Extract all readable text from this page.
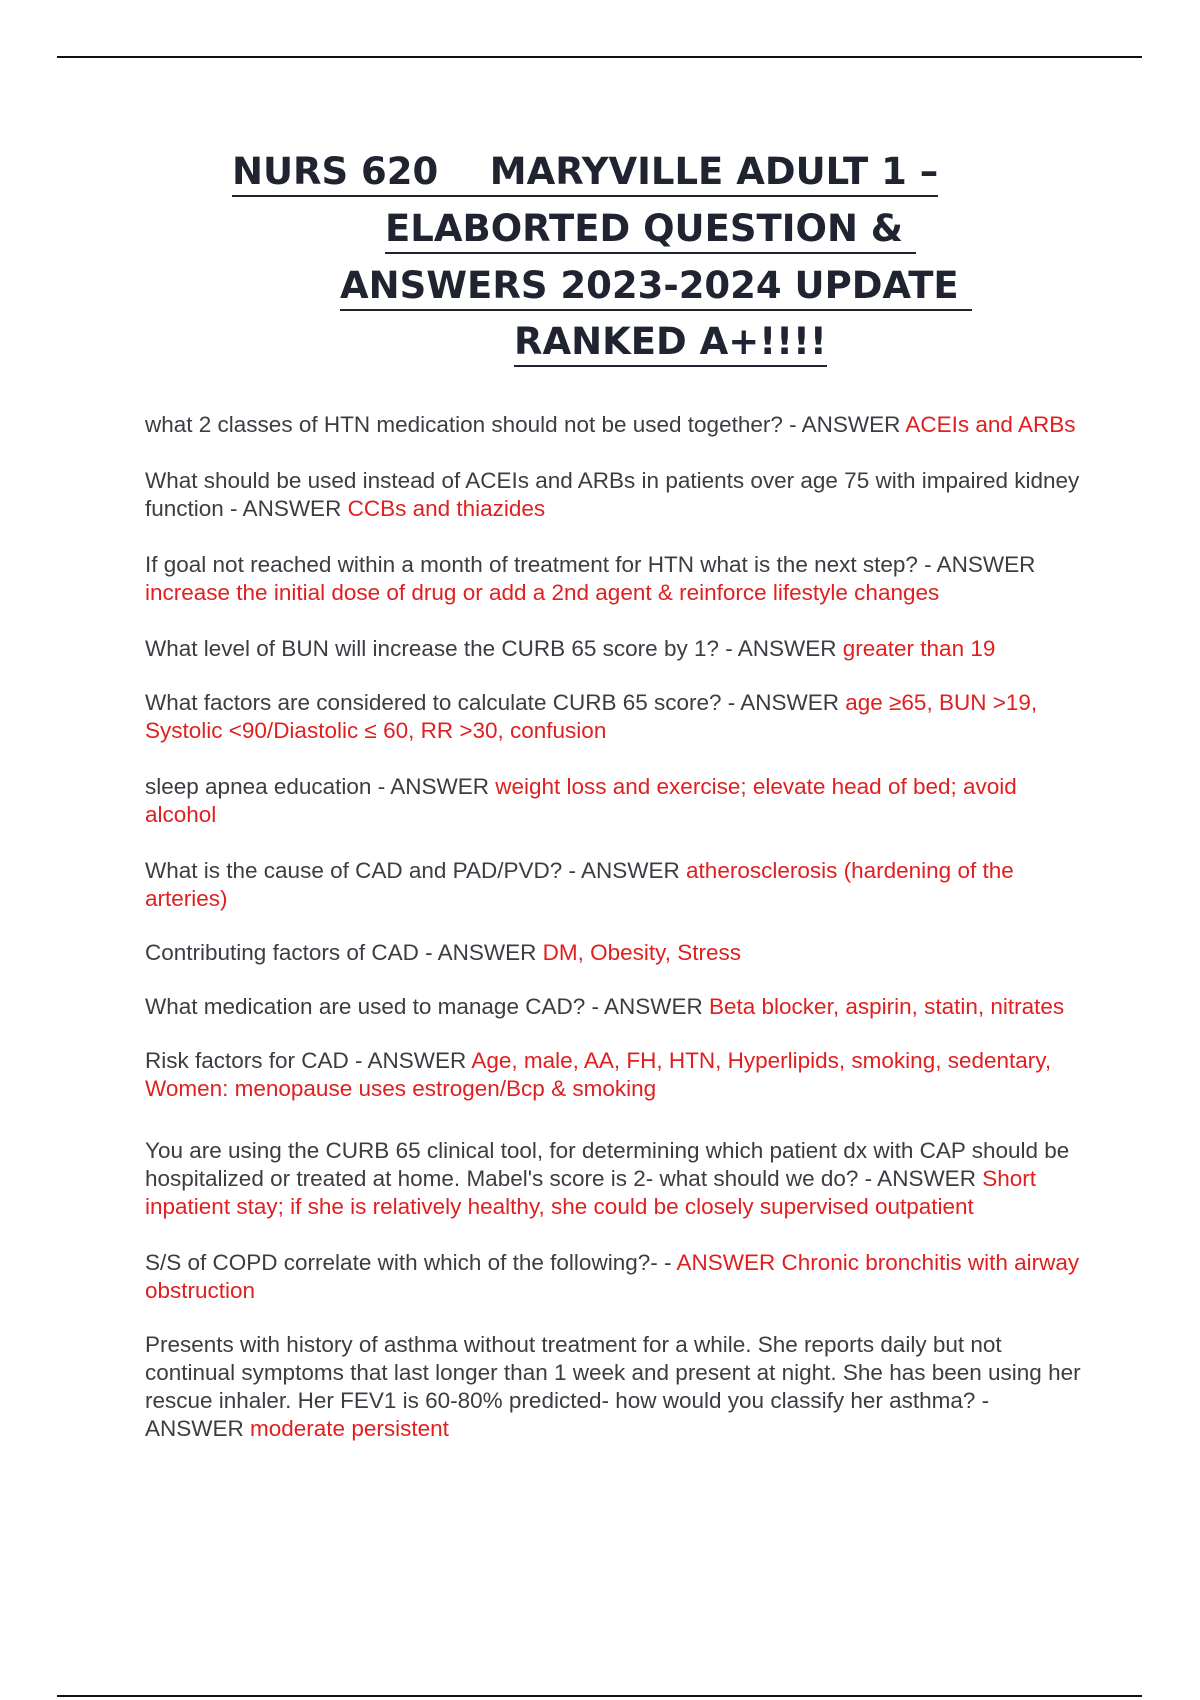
NURS 620    MARYVILLE ADULT 1 –
ELABORTED QUESTION &
ANSWERS 2023-2024 UPDATE
RANKED A+!!!!

what 2 classes of HTN medication should not be used together? - ANSWER ACEIs and ARBs

What should be used instead of ACEIs and ARBs in patients over age 75 with impaired kidney function - ANSWER CCBs and thiazides

If goal not reached within a month of treatment for HTN what is the next step? - ANSWER increase the initial dose of drug or add a 2nd agent & reinforce lifestyle changes

What level of BUN will increase the CURB 65 score by 1? - ANSWER greater than 19

What factors are considered to calculate CURB 65 score? - ANSWER age ≥65, BUN >19, Systolic <90/Diastolic ≤ 60, RR >30, confusion

sleep apnea education - ANSWER weight loss and exercise; elevate head of bed; avoid alcohol

What is the cause of CAD and PAD/PVD? - ANSWER atherosclerosis (hardening of the arteries)

Contributing factors of CAD - ANSWER DM, Obesity, Stress

What medication are used to manage CAD? - ANSWER Beta blocker, aspirin, statin, nitrates

Risk factors for CAD - ANSWER Age, male, AA, FH, HTN, Hyperlipids, smoking, sedentary, Women: menopause uses estrogen/Bcp & smoking

You are using the CURB 65 clinical tool, for determining which patient dx with CAP should be hospitalized or treated at home. Mabel's score is 2- what should we do? - ANSWER Short inpatient stay; if she is relatively healthy, she could be closely supervised outpatient

S/S of COPD correlate with which of the following?- - ANSWER Chronic bronchitis with airway obstruction

Presents with history of asthma without treatment for a while. She reports daily but not continual symptoms that last longer than 1 week and present at night. She has been using her rescue inhaler. Her FEV1 is 60-80% predicted- how would you classify her asthma? - ANSWER moderate persistent
